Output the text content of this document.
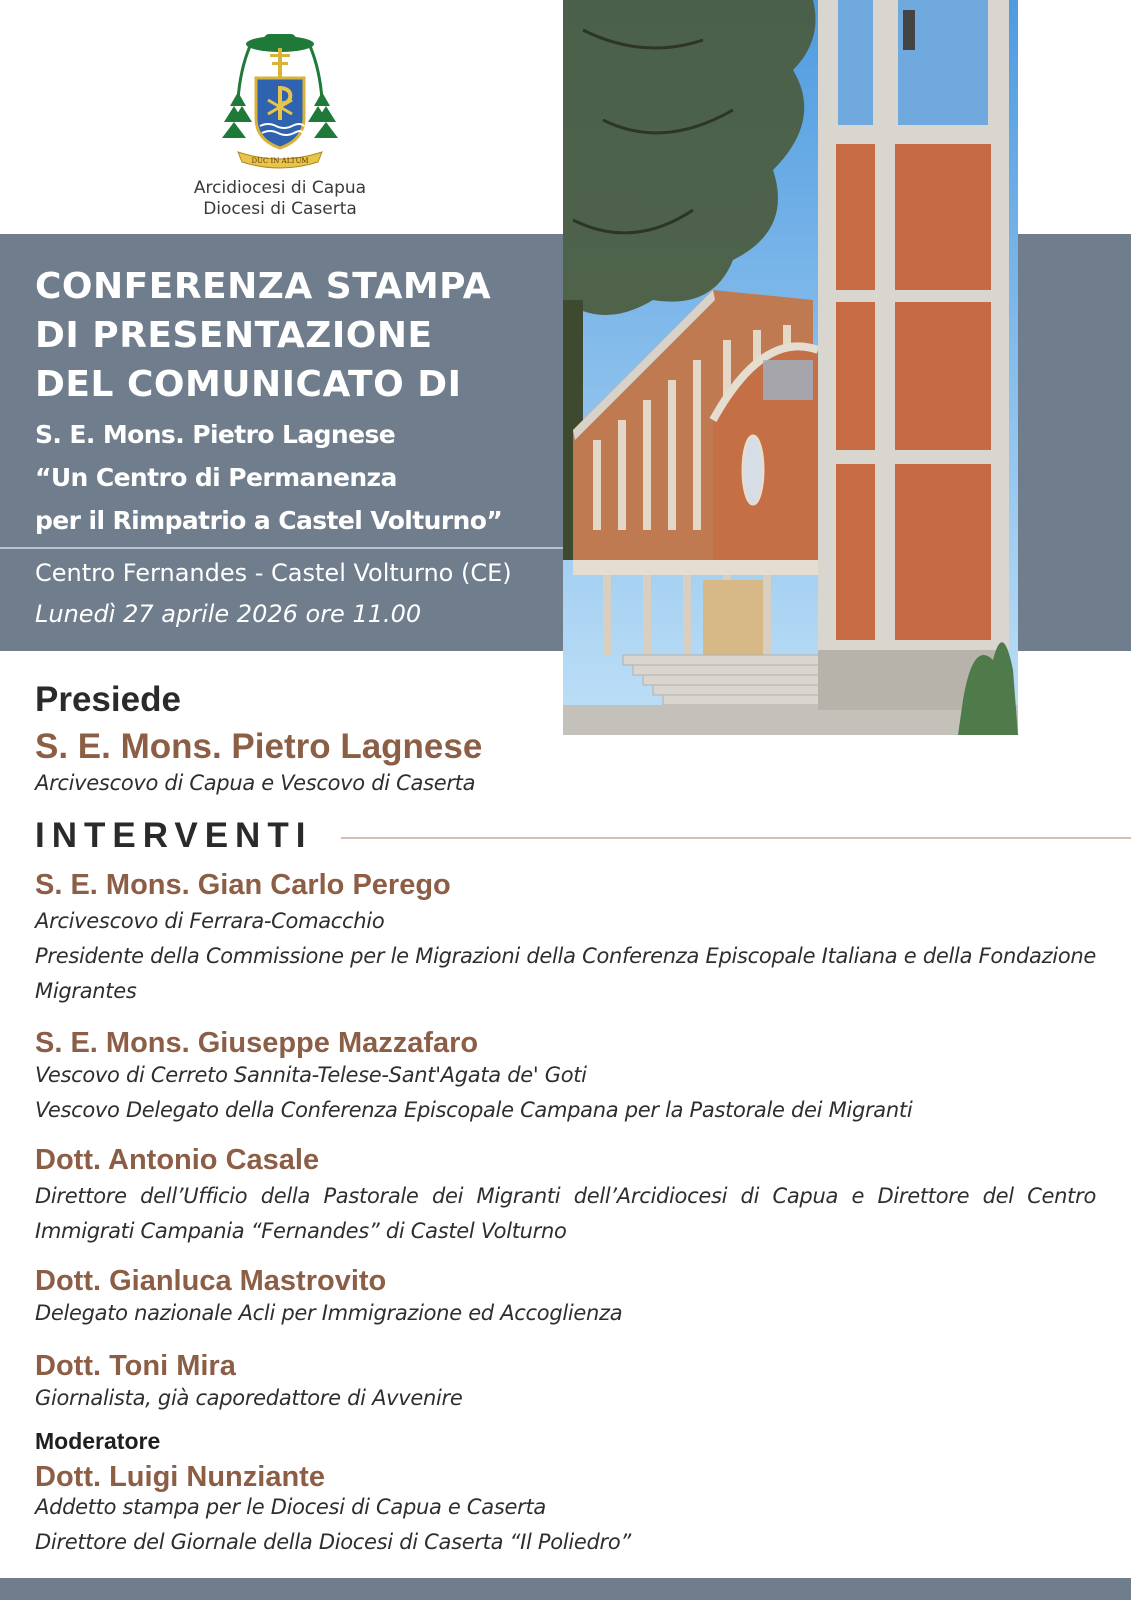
DUC IN ALTUM
Arcidiocesi di Capua
Diocesi di Caserta
CONFERENZA STAMPA
DI PRESENTAZIONE
DEL COMUNICATO DI
S. E. Mons. Pietro Lagnese
“Un Centro di Permanenza
per il Rimpatrio a Castel Volturno”
Centro Fernandes - Castel Volturno (CE)
Lunedì 27 aprile 2026 ore 11.00
Presiede
S. E. Mons. Pietro Lagnese
Arcivescovo di Capua e Vescovo di Caserta
INTERVENTI
S. E. Mons. Gian Carlo Perego
Arcivescovo di Ferrara-Comacchio
Presidente della Commissione per le Migrazioni della Conferenza Episcopale Italiana e della Fondazione Migrantes
S. E. Mons. Giuseppe Mazzafaro
Vescovo di Cerreto Sannita-Telese-Sant'Agata de' Goti
Vescovo Delegato della Conferenza Episcopale Campana per la Pastorale dei Migranti
Dott. Antonio Casale
Direttore dell’Ufficio della Pastorale dei Migranti dell’Arcidiocesi di Capua e Direttore del Centro Immigrati Campania “Fernandes” di Castel Volturno
Dott. Gianluca Mastrovito
Delegato nazionale Acli per Immigrazione ed Accoglienza
Dott. Toni Mira
Giornalista, già caporedattore di Avvenire
Moderatore
Dott. Luigi Nunziante
Addetto stampa per le Diocesi di Capua e Caserta
Direttore del Giornale della Diocesi di Caserta “Il Poliedro”
